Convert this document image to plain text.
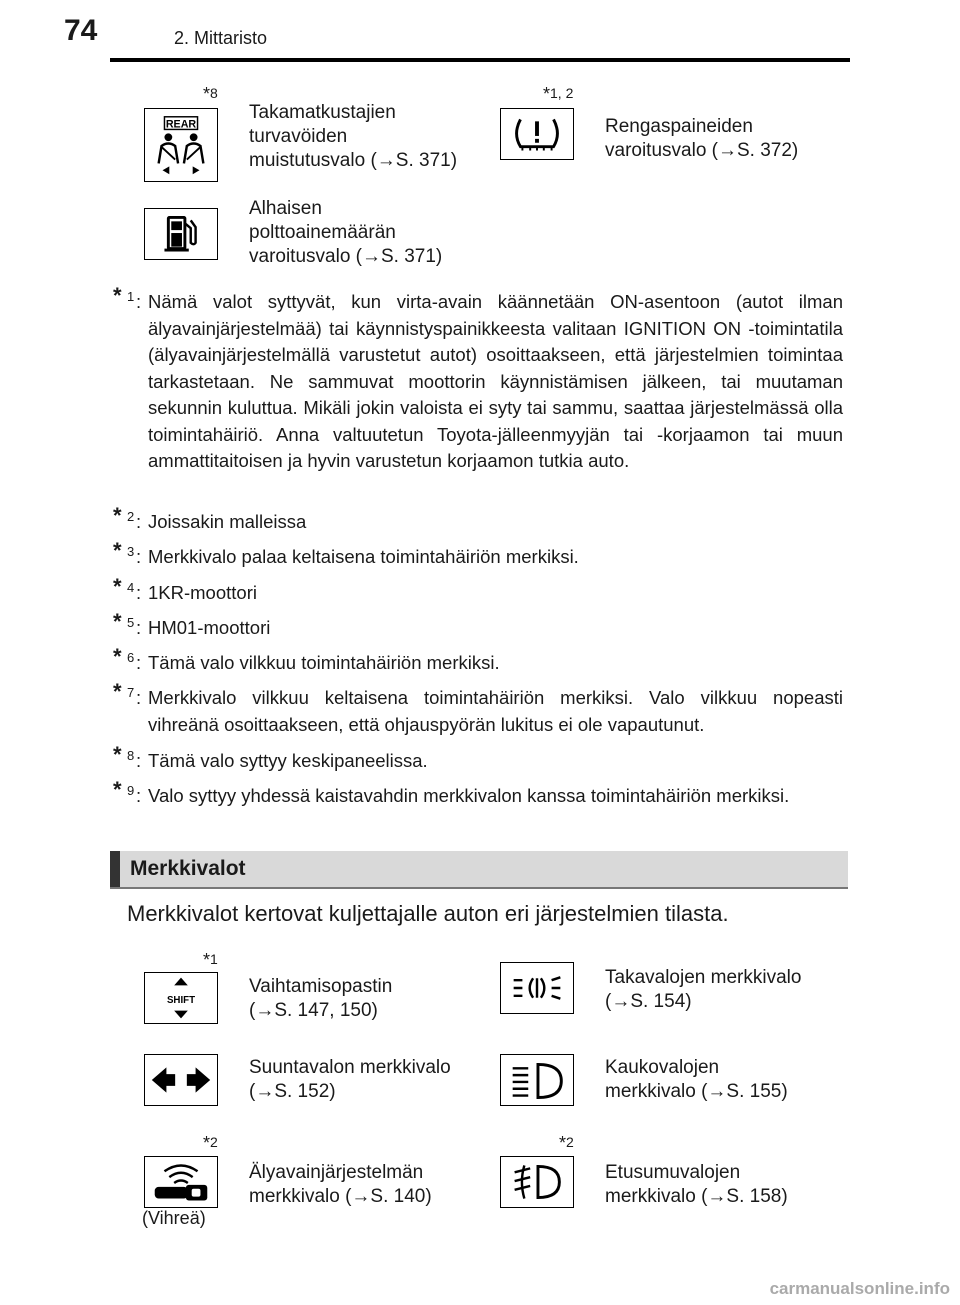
74	2. Mittaristo
*8
REAR
Takamatkustajien
turvavöiden
muistutusvalo (→S. 371)
*1, 2
Rengaspaineiden
varoitusvalo (→S. 372)
Alhaisen
polttoainemäärän
varoitusvalo (→S. 371)
* 1 : Nämä valot syttyvät, kun virta-avain käännetään ON-asentoon (autot ilman älyavainjärjestelmää) tai käynnistyspainikkeesta valitaan IGNITION ON -toimintatila (älyavainjärjestelmällä varustetut autot) osoittaakseen, että järjestelmien toimintaa tarkastetaan. Ne sammuvat moottorin käynnistämisen jälkeen, tai muutaman sekunnin kuluttua. Mikäli jokin valoista ei syty tai sammu, saattaa järjestelmässä olla toimintahäiriö. Anna valtuutetun Toyota-jälleenmyyjän tai -korjaamon tai muun ammattitaitoisen ja hyvin varustetun korjaamon tutkia auto.
* 2 : Joissakin malleissa
* 3 : Merkkivalo palaa keltaisena toimintahäiriön merkiksi.
* 4 : 1KR-moottori
* 5 : HM01-moottori
* 6 : Tämä valo vilkkuu toimintahäiriön merkiksi.
* 7 : Merkkivalo vilkkuu keltaisena toimintahäiriön merkiksi. Valo vilkkuu nopeasti vihreänä osoittaakseen, että ohjauspyörän lukitus ei ole vapautunut.
* 8 : Tämä valo syttyy keskipaneelissa.
* 9 : Valo syttyy yhdessä kaistavahdin merkkivalon kanssa toimintahäiriön merkiksi.
Merkkivalot
Merkkivalot kertovat kuljettajalle auton eri järjestelmien tilasta.
*1
SHIFT
Vaihtamisopastin
(→S. 147, 150)
Takavalojen merkkivalo
(→S. 154)
Suuntavalon merkkivalo
(→S. 152)
Kaukovalojen
merkkivalo (→S. 155)
*2
(Vihreä)
Älyavainjärjestelmän
merkkivalo (→S. 140)
*2
Etusumuvalojen
merkkivalo (→S. 158)
carmanualsonline.info
